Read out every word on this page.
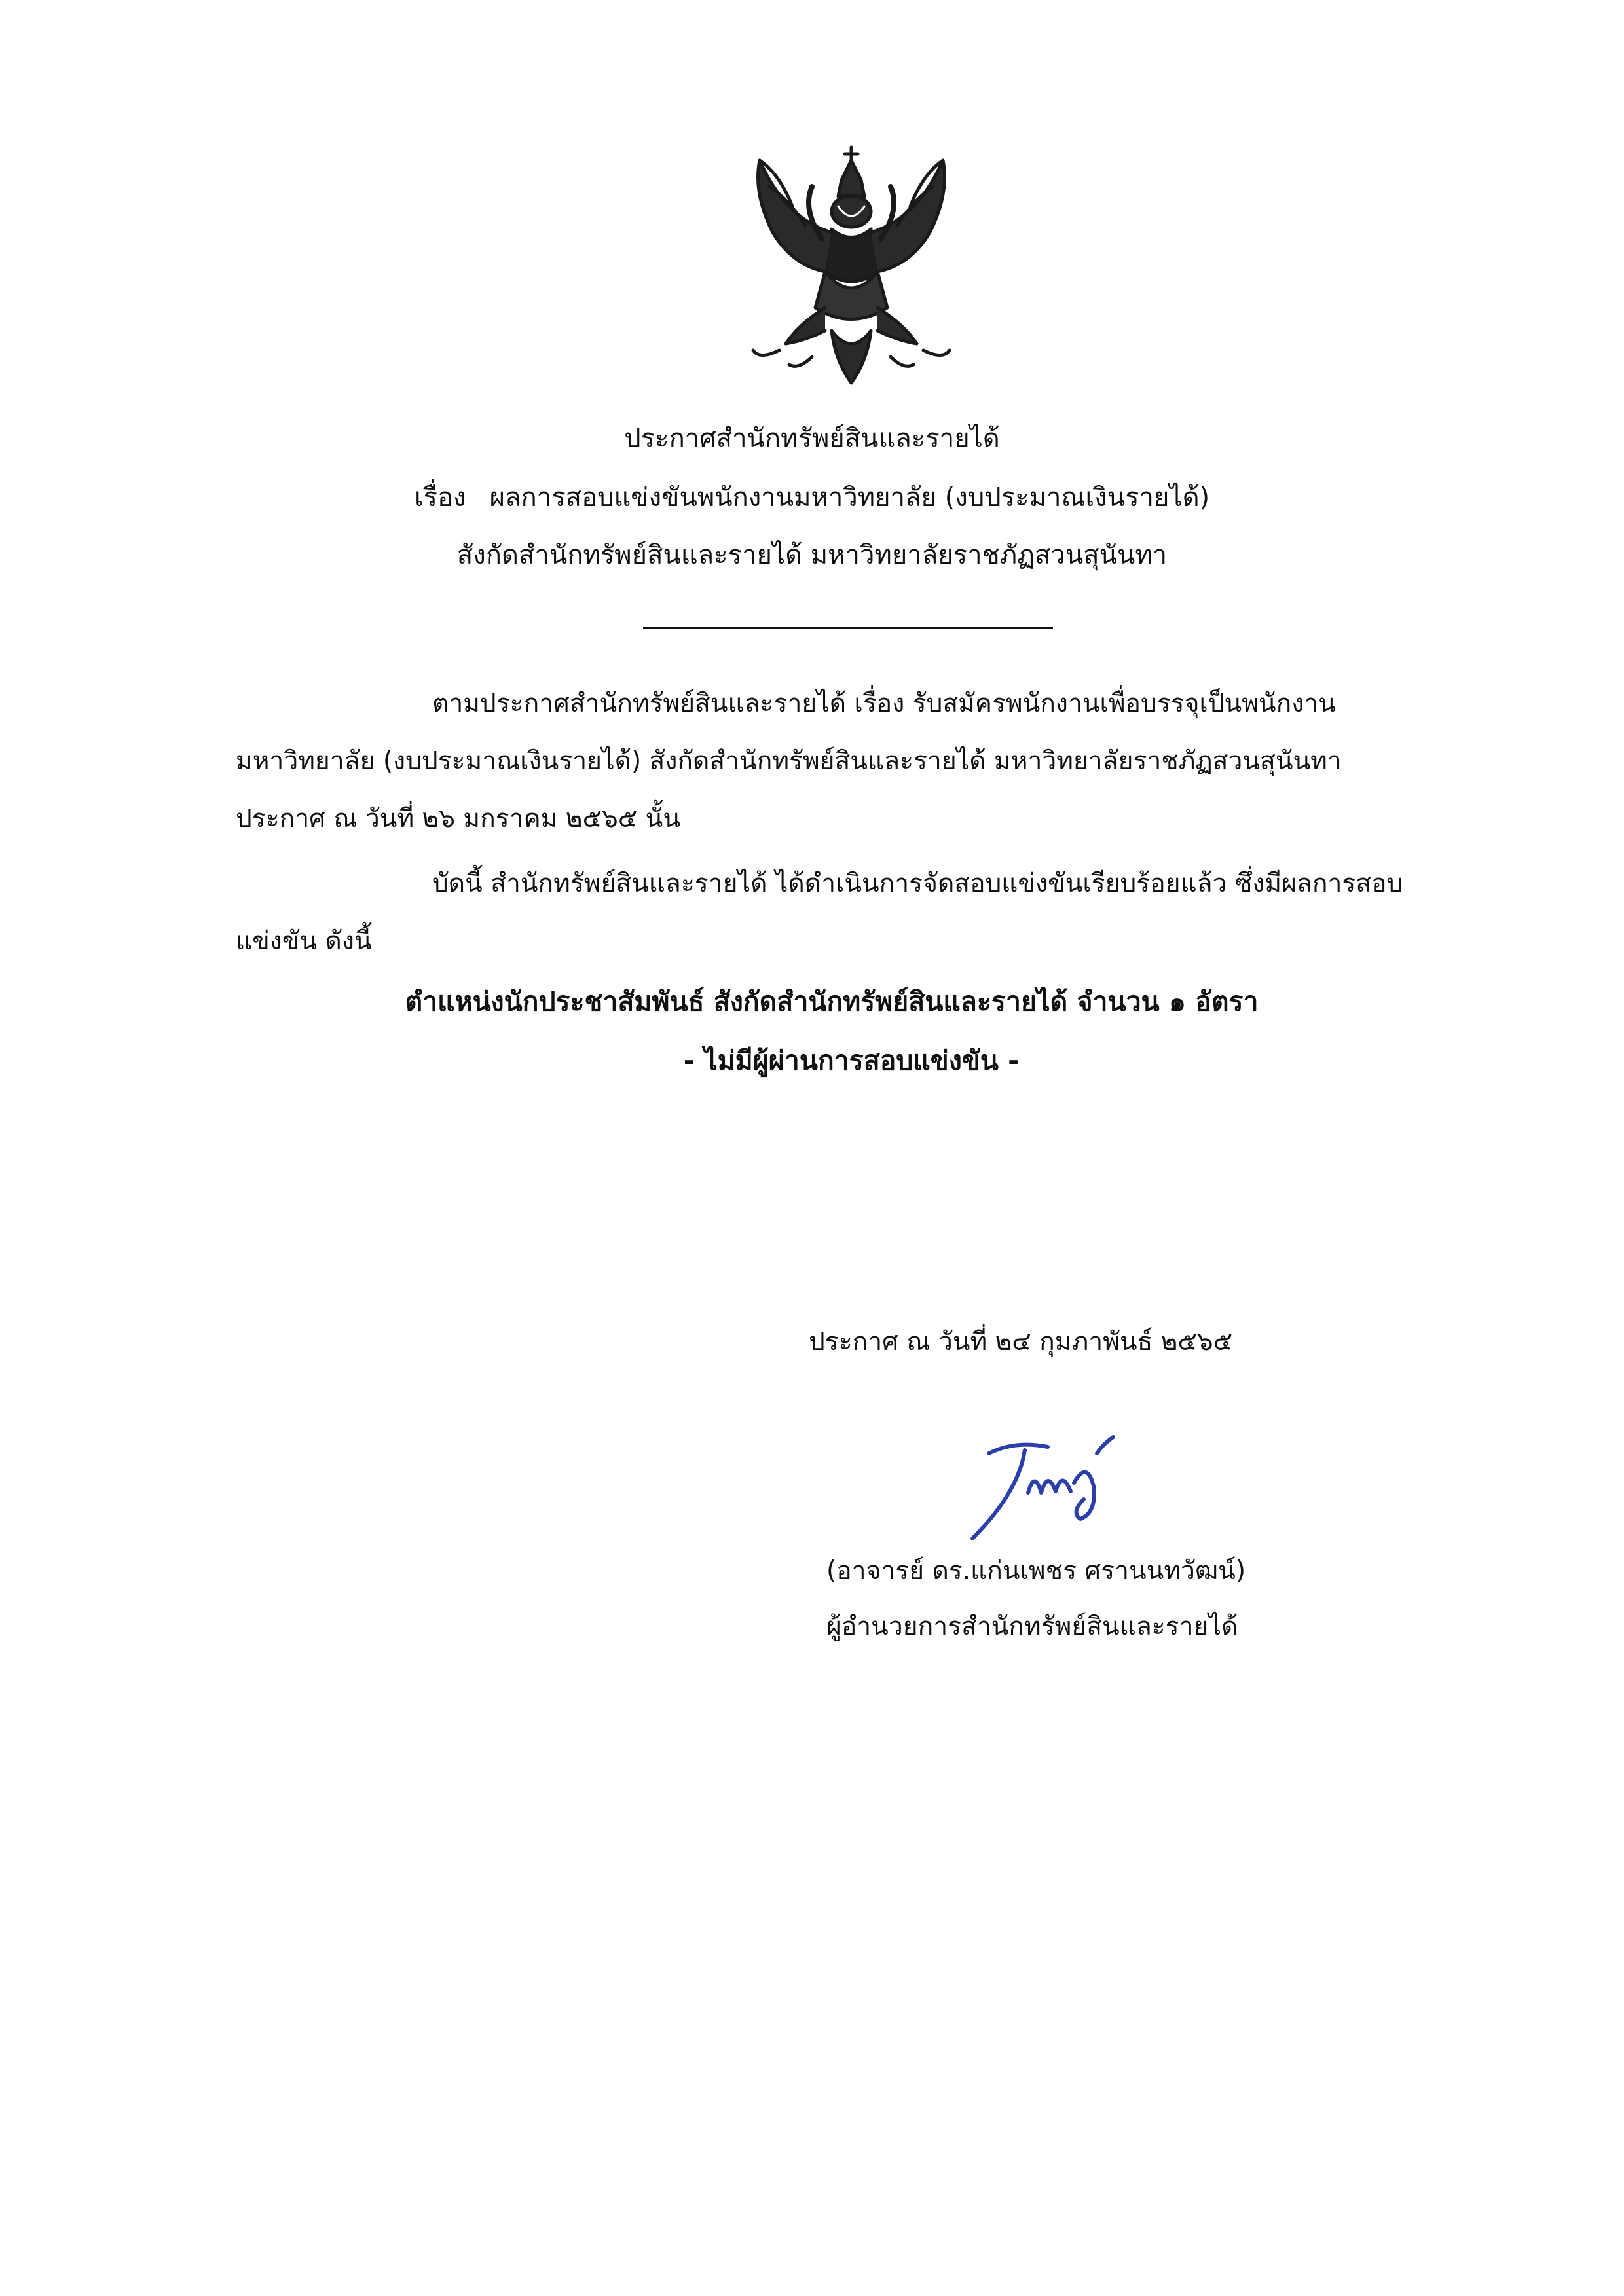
ประกาศสำนักทรัพย์สินและรายได้
เรื่อง ผลการสอบแข่งขันพนักงานมหาวิทยาลัย (งบประมาณเงินรายได้)
สังกัดสำนักทรัพย์สินและรายได้ มหาวิทยาลัยราชภัฏสวนสุนันทา
ตามประกาศสำนักทรัพย์สินและรายได้ เรื่อง รับสมัครพนักงานเพื่อบรรจุเป็นพนักงาน
มหาวิทยาลัย (งบประมาณเงินรายได้) สังกัดสำนักทรัพย์สินและรายได้ มหาวิทยาลัยราชภัฏสวนสุนันทา
ประกาศ ณ วันที่ ๒๖ มกราคม ๒๕๖๕ นั้น
บัดนี้ สำนักทรัพย์สินและรายได้ ได้ดำเนินการจัดสอบแข่งขันเรียบร้อยแล้ว ซึ่งมีผลการสอบ
แข่งขัน ดังนี้
ตำแหน่งนักประชาสัมพันธ์ สังกัดสำนักทรัพย์สินและรายได้ จำนวน ๑ อัตรา
- ไม่มีผู้ผ่านการสอบแข่งขัน -
ประกาศ ณ วันที่ ๒๔ กุมภาพันธ์ ๒๕๖๕
(อาจารย์ ดร.แก่นเพชร ศรานนทวัฒน์)
ผู้อำนวยการสำนักทรัพย์สินและรายได้
